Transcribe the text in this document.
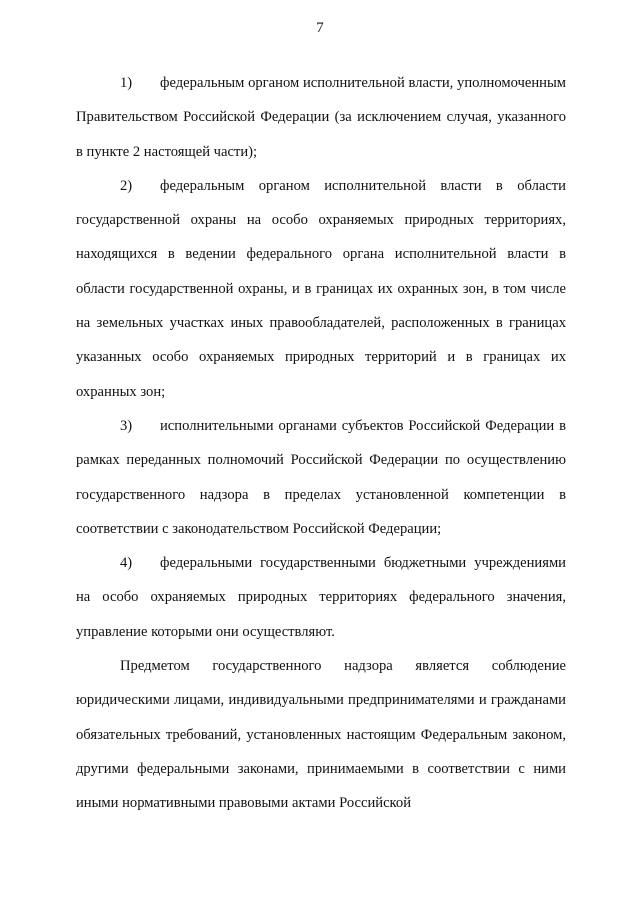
7

1) федеральным органом исполнительной власти, уполномоченным Правительством Российской Федерации (за исключением случая, указанного в пункте 2 настоящей части);

2) федеральным органом исполнительной власти в области государственной охраны на особо охраняемых природных территориях, находящихся в ведении федерального органа исполнительной власти в области государственной охраны, и в границах их охранных зон, в том числе на земельных участках иных правообладателей, расположенных в границах указанных особо охраняемых природных территорий и в границах их охранных зон;

3) исполнительными органами субъектов Российской Федерации в рамках переданных полномочий Российской Федерации по осуществлению государственного надзора в пределах установленной компетенции в соответствии с законодательством Российской Федерации;

4) федеральными государственными бюджетными учреждениями на особо охраняемых природных территориях федерального значения, управление которыми они осуществляют.

Предметом государственного надзора является соблюдение юридическими лицами, индивидуальными предпринимателями и гражданами обязательных требований, установленных настоящим Федеральным законом, другими федеральными законами, принимаемыми в соответствии с ними иными нормативными правовыми актами Российской
